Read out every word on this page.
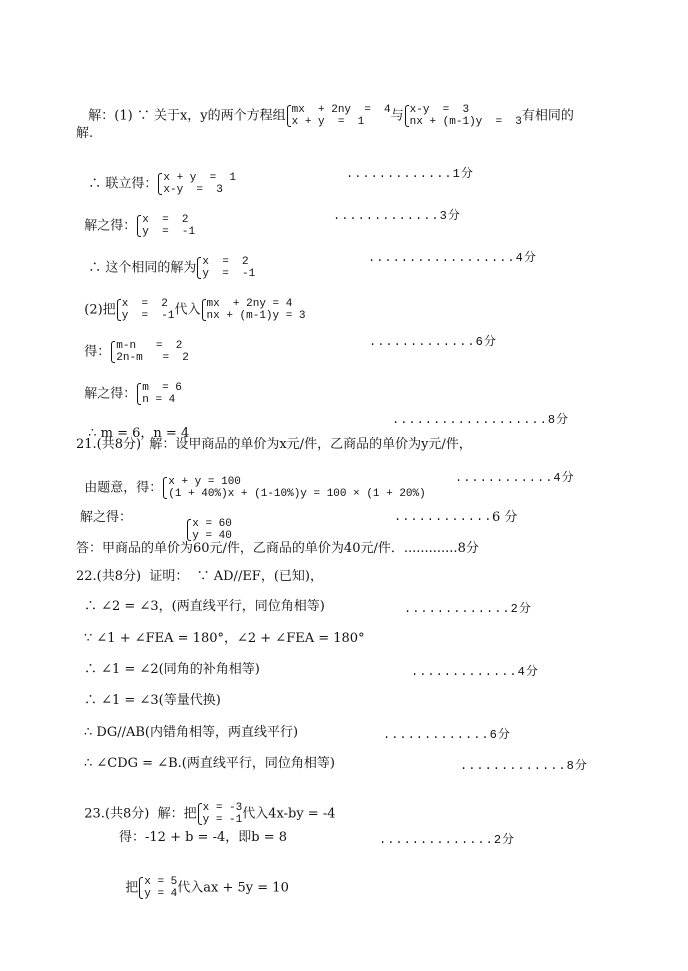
解：(1) ∵ 关于x，y的两个方程组 mx  + 2ny  =  4
x + y  =  1	与 x-y  =  3
nx + (m-1)y  =  3 有相同的

解.

∴ 联立得： x + y  =  1
x-y  =  3

.............1分

解之得： x  =  2
y  =  -1

.............3分

∴ 这个相同的解为 x  =  2
y  =  -1

..................4分

(2)把 x  =  2
y  =  -1 代入 mx  + 2ny = 4
nx + (m-1)y = 3

得： m-n   =  2
2n-m   =  2

.............6分

解之得： m  = 6
n = 4

∴ m = 6，n = 4

...................8分
21.(共8分)  解：设甲商品的单价为x元/件，乙商品的单价为y元/件，

由题意，得： x + y = 100
(1 + 40%)x + (1-10%)y = 100 × (1 + 20%)

............4分
解之得：

	x = 60
y = 40

............ 6 分
答：甲商品的单价为60元/件，乙商品的单价为40元/件．.............8分
22.(共8分)  证明：  ∵ AD//EF，(已知)，
∴ ∠2 = ∠3，(两直线平行，同位角相等)	.............2分
∵ ∠1 + ∠FEA = 180°，∠2 + ∠FEA = 180°
∴ ∠1 = ∠2(同角的补角相等)	.............4分
∴ ∠1 = ∠3(等量代换)
∴ DG//AB(内错角相等，两直线平行)	.............6分
∴ ∠CDG = ∠B.(两直线平行，同位角相等)	.............8分

23.(共8分)  解：把 x = -3
y = -1 代入4x-by = -4

得：-12 + b = -4，即b = 8	..............2分

把 x = 5
y = 4 代入ax + 5y = 10
